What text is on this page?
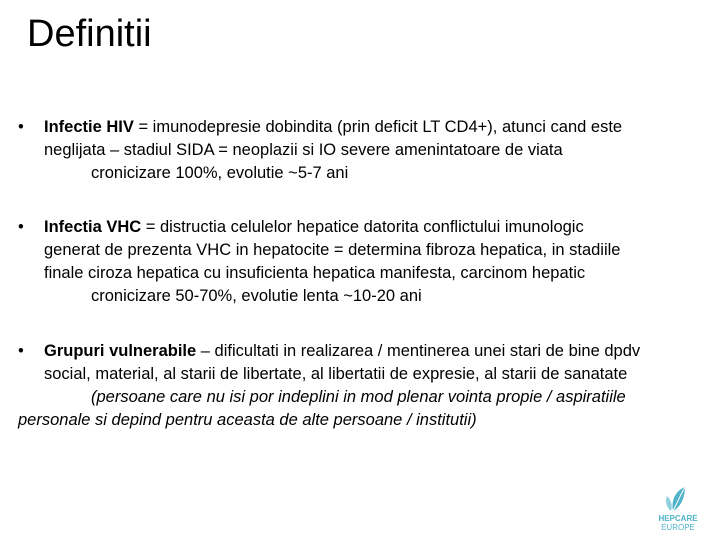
Definitii
• Infectie HIV = imunodepresie dobindita (prin deficit LT CD4+), atunci cand este
neglijata – stadiul SIDA = neoplazii si IO severe amenintatoare de viata
cronicizare 100%, evolutie ~5-7 ani
• Infectia VHC = distructia celulelor hepatice datorita conflictului imunologic
generat de prezenta VHC in hepatocite = determina fibroza hepatica, in stadiile
finale ciroza hepatica cu insuficienta hepatica manifesta, carcinom hepatic
cronicizare 50-70%, evolutie lenta ~10-20 ani
• Grupuri vulnerabile – dificultati in realizarea / mentinerea unei stari de bine dpdv
social, material, al starii de libertate, al libertatii de expresie, al starii de sanatate
(persoane care nu isi por indeplini in mod plenar vointa propie / aspiratiile
personale si depind pentru aceasta de alte persoane / institutii)
HEPCARE
EUROPE
